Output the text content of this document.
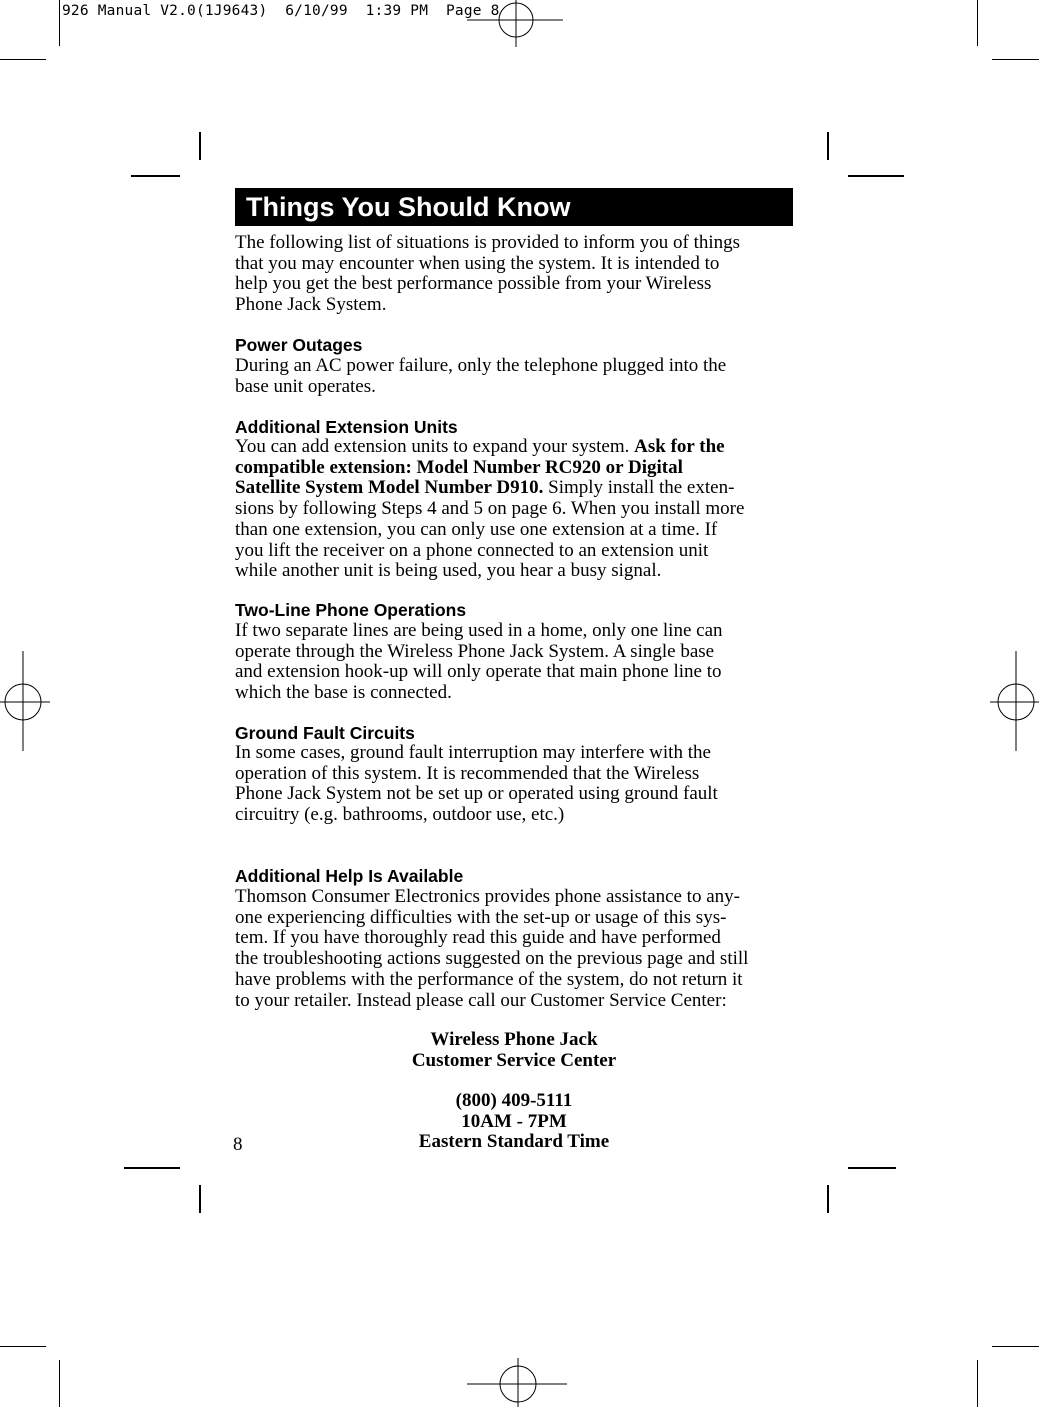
926 Manual V2.0(1J9643)  6/10/99  1:39 PM  Page 8
Things You Should Know

The following list of situations is provided to inform you of things
that you may encounter when using the system. It is intended to
help you get the best performance possible from your Wireless
Phone Jack System.

Power Outages

During an AC power failure, only the telephone plugged into the
base unit operates.

Additional Extension Units

You can add extension units to expand your system. Ask for the
compatible extension: Model Number RC920 or Digital
Satellite System Model Number D910. Simply install the exten-
sions by following Steps 4 and 5 on page 6. When you install more
than one extension, you can only use one extension at a time. If
you lift the receiver on a phone connected to an extension unit
while another unit is being used, you hear a busy signal.

Two-Line Phone Operations

If two separate lines are being used in a home, only one line can
operate through the Wireless Phone Jack System. A single base
and extension hook-up will only operate that main phone line to
which the base is connected.

Ground Fault Circuits

In some cases, ground fault interruption may interfere with the
operation of this system. It is recommended that the Wireless
Phone Jack System not be set up or operated using ground fault
circuitry (e.g. bathrooms, outdoor use, etc.)

Additional Help Is Available

Thomson Consumer Electronics provides phone assistance to any-
one experiencing difficulties with the set-up or usage of this sys-
tem. If you have thoroughly read this guide and have performed
the troubleshooting actions suggested on the previous page and still
have problems with the performance of the system, do not return it
to your retailer. Instead please call our Customer Service Center:

Wireless Phone Jack
Customer Service Center
(800) 409-5111
10AM - 7PM
Eastern Standard Time
8
